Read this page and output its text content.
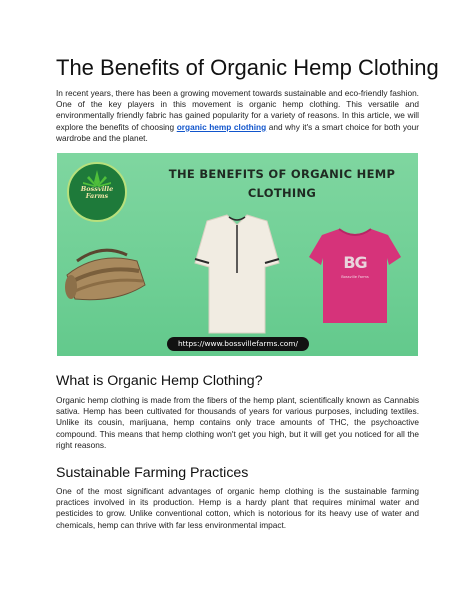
The Benefits of Organic Hemp Clothing

In recent years, there has been a growing movement towards sustainable and eco-friendly fashion. One of the key players in this movement is organic hemp clothing. This versatile and environmentally friendly fabric has gained popularity for a variety of reasons. In this article, we will explore the benefits of choosing organic hemp clothing and why it's a smart choice for both your wardrobe and the planet.

Bossville Farms
THE BENEFITS OF ORGANIC HEMP CLOTHING
BG
Bossville Farms
https://www.bossvillefarms.com/
What is Organic Hemp Clothing?

Organic hemp clothing is made from the fibers of the hemp plant, scientifically known as Cannabis sativa. Hemp has been cultivated for thousands of years for various purposes, including textiles. Unlike its cousin, marijuana, hemp contains only trace amounts of THC, the psychoactive compound. This means that hemp clothing won't get you high, but it will get you noticed for all the right reasons.

Sustainable Farming Practices

One of the most significant advantages of organic hemp clothing is the sustainable farming practices involved in its production. Hemp is a hardy plant that requires minimal water and pesticides to grow. Unlike conventional cotton, which is notorious for its heavy use of water and chemicals, hemp can thrive with far less environmental impact.
